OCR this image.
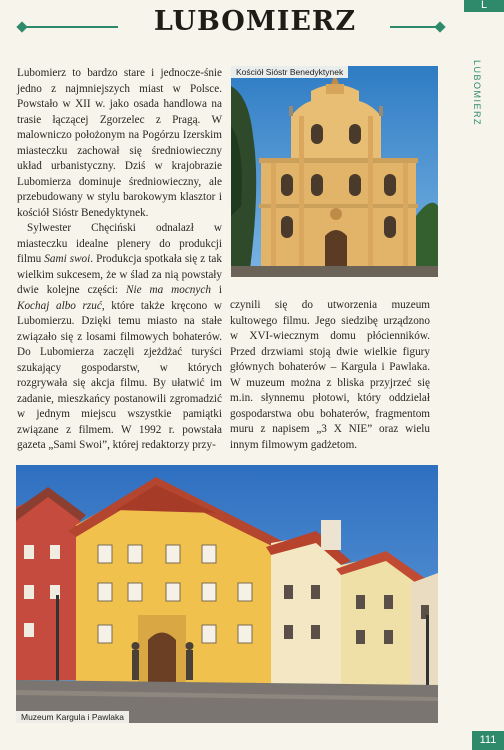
L
LUBOMIERZ
LUBOMIERZ

Lubomierz to bardzo stare i jednocze-śnie jedno z najmniejszych miast w Polsce. Powstało w XII w. jako osada handlowa na trasie łączącej Zgorzelec z Pragą. W malowniczo położonym na Pogórzu Izerskim miasteczku zachował się średniowieczny układ urbanistyczny. Dziś w krajobrazie Lubomierza dominuje średniowieczny, ale przebudowany w stylu barokowym klasztor i kościół Sióstr Benedyktynek.

Sylwester Chęciński odnalazł w miasteczku idealne plenery do produkcji filmu Sami swoi. Produkcja spotkała się z tak wielkim sukcesem, że w ślad za nią powstały dwie kolejne części: Nie ma mocnych i Kochaj albo rzuć, które także kręcono w Lubomierzu. Dzięki temu miasto na stałe związało się z losami filmowych bohaterów. Do Lubomierza zaczęli zjeżdżać turyści szukający gospodarstw, w których rozgrywała się akcja filmu. By ułatwić im zadanie, mieszkańcy postanowili zgromadzić w jednym miejscu wszystkie pamiątki związane z filmem. W 1992 r. powstała gazeta „Sami Swoi”, której redaktorzy przy-

czynili się do utworzenia muzeum kultowego filmu. Jego siedzibę urządzono w XVI-wiecznym domu płócienników. Przed drzwiami stoją dwie wielkie figury głównych bohaterów – Kargula i Pawlaka. W muzeum można z bliska przyjrzeć się m.in. słynnemu płotowi, który oddzielał gospodarstwa obu bohaterów, fragmentom muru z napisem „3 X NIE” oraz wielu innym filmowym gadżetom.

Kościół Sióstr Benedyktynek
Muzeum Kargula i Pawlaka
111
